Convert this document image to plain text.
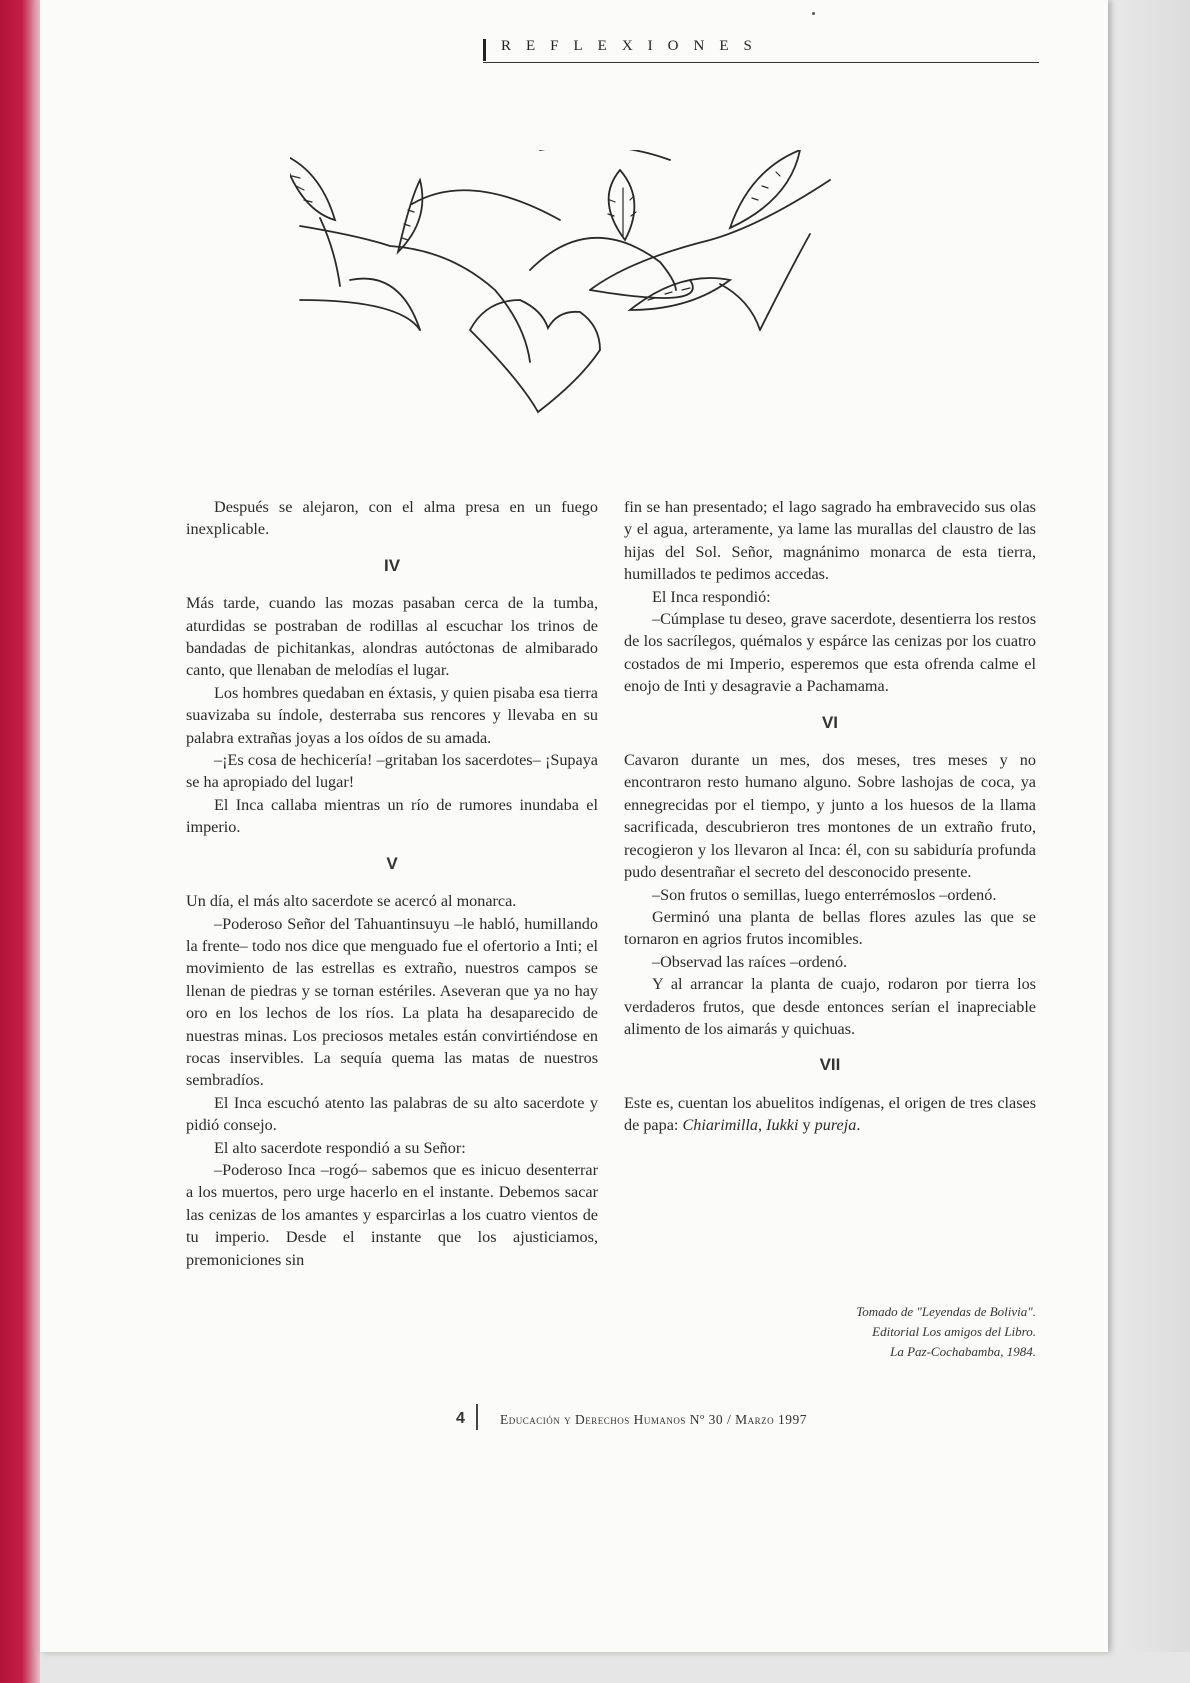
REFLEXIONES

Después se alejaron, con el alma presa en un fuego inexplicable.

IV

Más tarde, cuando las mozas pasaban cerca de la tumba, aturdidas se postraban de rodillas al escuchar los trinos de bandadas de pichitankas, alondras autóctonas de almibarado canto, que llenaban de melodías el lugar.

Los hombres quedaban en éxtasis, y quien pisaba esa tierra suavizaba su índole, desterraba sus rencores y llevaba en su palabra extrañas joyas a los oídos de su amada.

–¡Es cosa de hechicería! –gritaban los sacerdotes– ¡Supaya se ha apropiado del lugar!

El Inca callaba mientras un río de rumores inundaba el imperio.

V

Un día, el más alto sacerdote se acercó al monarca.

–Poderoso Señor del Tahuantinsuyu –le habló, humillando la frente– todo nos dice que menguado fue el ofertorio a Inti; el movimiento de las estrellas es extraño, nuestros campos se llenan de piedras y se tornan estériles. Aseveran que ya no hay oro en los lechos de los ríos. La plata ha desaparecido de nuestras minas. Los preciosos metales están convirtiéndose en rocas inservibles. La sequía quema las matas de nuestros sembradíos.

El Inca escuchó atento las palabras de su alto sacerdote y pidió consejo.

El alto sacerdote respondió a su Señor:

–Poderoso Inca –rogó– sabemos que es inicuo desenterrar a los muertos, pero urge hacerlo en el instante. Debemos sacar las cenizas de los amantes y esparcirlas a los cuatro vientos de tu imperio. Desde el instante que los ajusticiamos, premoniciones sin

fin se han presentado; el lago sagrado ha embravecido sus olas y el agua, arteramente, ya lame las murallas del claustro de las hijas del Sol. Señor, magnánimo monarca de esta tierra, humillados te pedimos accedas.

El Inca respondió:

–Cúmplase tu deseo, grave sacerdote, desentierra los restos de los sacrílegos, quémalos y espárce las cenizas por los cuatro costados de mi Imperio, esperemos que esta ofrenda calme el enojo de Inti y desagravie a Pachamama.

VI

Cavaron durante un mes, dos meses, tres meses y no encontraron resto humano alguno. Sobre lashojas de coca, ya ennegrecidas por el tiempo, y junto a los huesos de la llama sacrificada, descubrieron tres montones de un extraño fruto, recogieron y los llevaron al Inca: él, con su sabiduría profunda pudo desentrañar el secreto del desconocido presente.

–Son frutos o semillas, luego enterrémoslos –ordenó.

Germinó una planta de bellas flores azules las que se tornaron en agrios frutos incomibles.

–Observad las raíces –ordenó.

Y al arrancar la planta de cuajo, rodaron por tierra los verdaderos frutos, que desde entonces serían el inapreciable alimento de los aimarás y quichuas.

VII

Este es, cuentan los abuelitos indígenas, el origen de tres clases de papa: Chiarimilla, Iukki y pureja.

Tomado de "Leyendas de Bolivia".
Editorial Los amigos del Libro.
La Paz-Cochabamba, 1984.
4	Educación y Derechos Humanos Nº 30 / Marzo 1997
